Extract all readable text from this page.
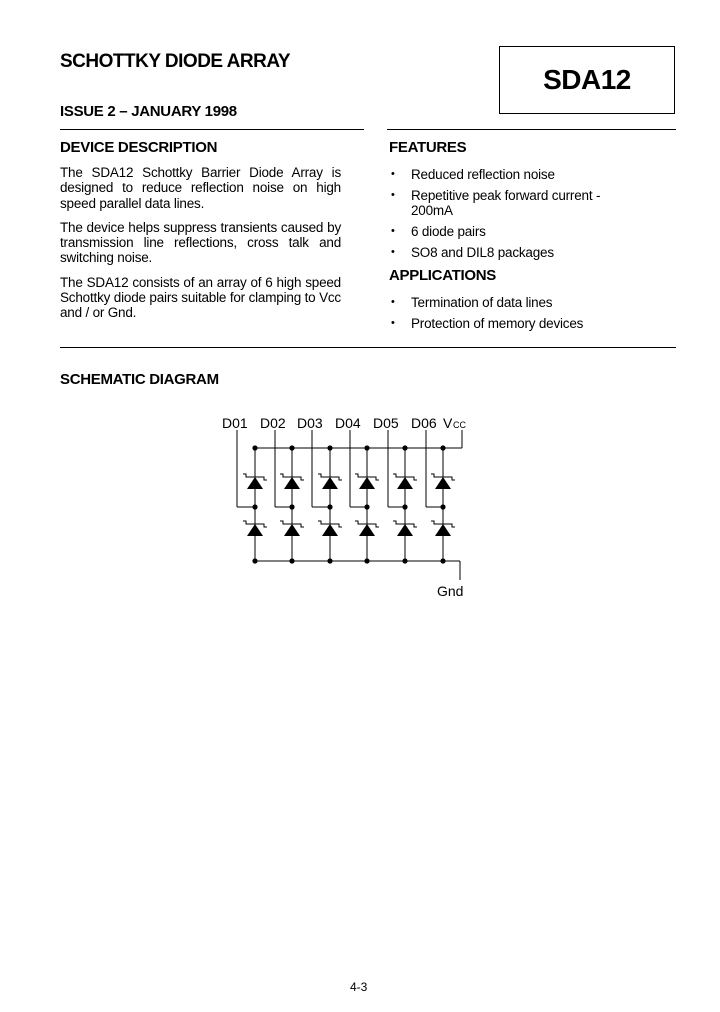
SCHOTTKY DIODE ARRAY
SDA12
ISSUE 2 – JANUARY 1998
DEVICE DESCRIPTION

The SDA12 Schottky Barrier Diode Array is designed to reduce reflection noise on high speed parallel data lines.

The device helps suppress transients caused by transmission line reflections, cross talk and switching noise.

The SDA12 consists of an array of 6 high speed Schottky diode pairs suitable for clamping to Vcc and / or Gnd.

FEATURES
• Reduced reflection noise
• Repetitive peak forward current - 200mA
• 6 diode pairs
• SO8 and DIL8 packages
APPLICATIONS
• Termination of data lines
• Protection of memory devices
SCHEMATIC DIAGRAM
D01 D02 D03 D04 D05 D06 V CC
Gnd
4-3
